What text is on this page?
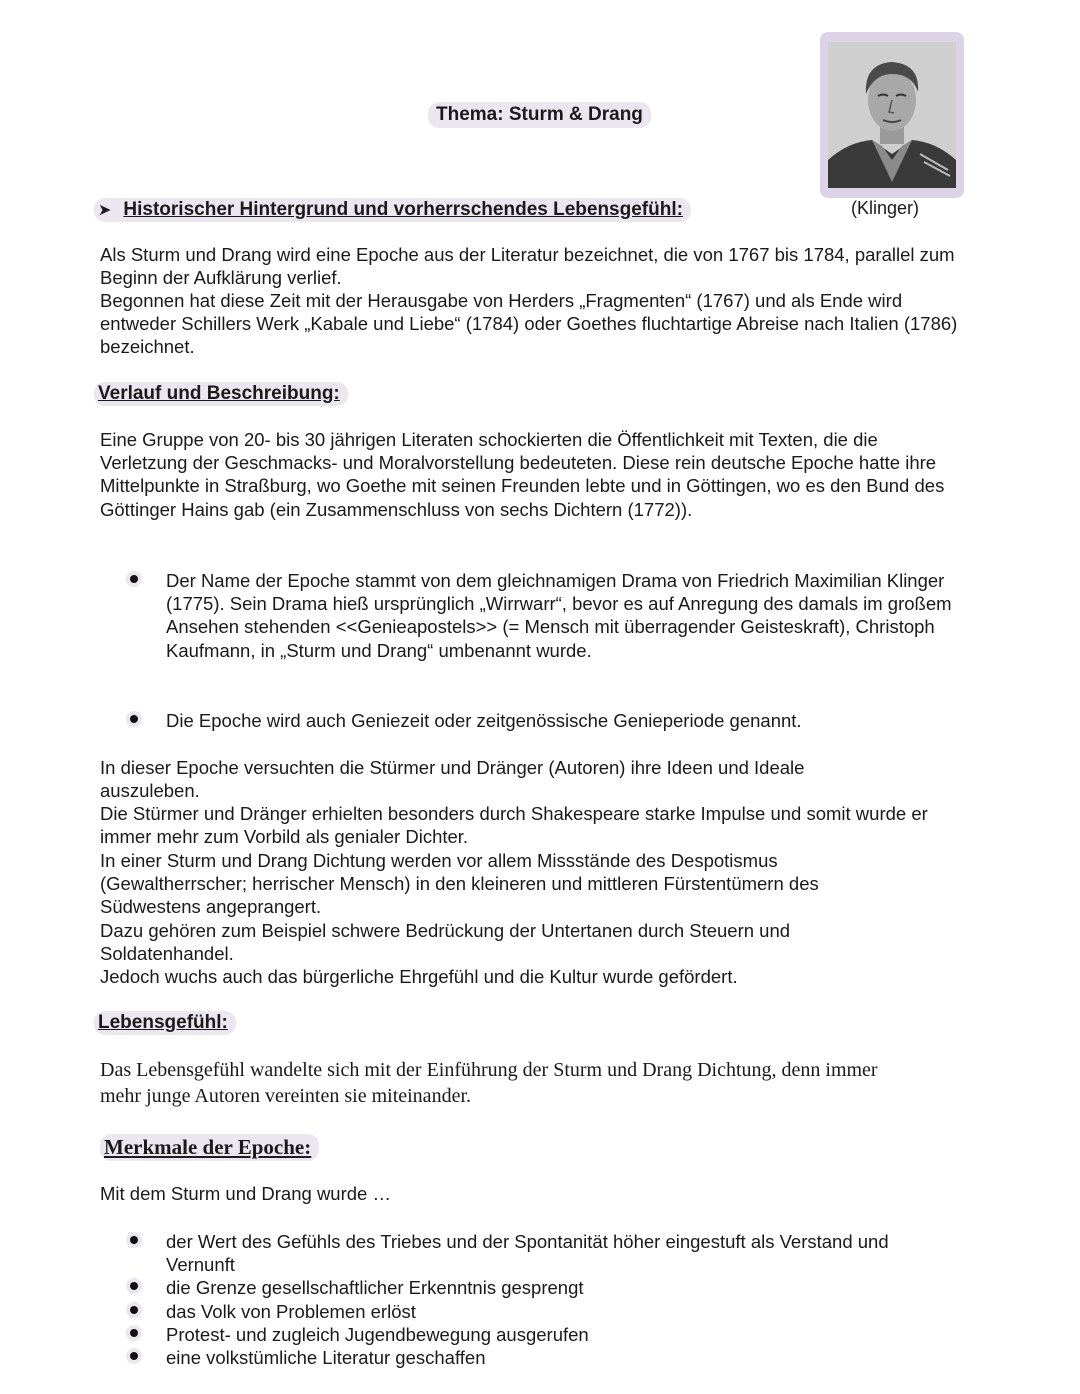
Thema: Sturm & Drang
(Klinger)
➤ Historischer Hintergrund und vorherrschendes Lebensgefühl:

Als Sturm und Drang wird eine Epoche aus der Literatur bezeichnet, die von 1767 bis 1784, parallel zum Beginn der Aufklärung verlief.

Begonnen hat diese Zeit mit der Herausgabe von Herders „Fragmenten“ (1767) und als Ende wird entweder Schillers Werk „Kabale und Liebe“ (1784) oder Goethes fluchtartige Abreise nach Italien (1786) bezeichnet.

Verlauf und Beschreibung:

Eine Gruppe von 20- bis 30 jährigen Literaten schockierten die Öffentlichkeit mit Texten, die die Verletzung der Geschmacks- und Moralvorstellung bedeuteten. Diese rein deutsche Epoche hatte ihre Mittelpunkte in Straßburg, wo Goethe mit seinen Freunden lebte und in Göttingen, wo es den Bund des Göttinger Hains gab (ein Zusammenschluss von sechs Dichtern (1772)).

Der Name der Epoche stammt von dem gleichnamigen Drama von Friedrich Maximilian Klinger (1775). Sein Drama hieß ursprünglich „Wirrwarr“, bevor es auf Anregung des damals im großem Ansehen stehenden <<Genieapostels>> (= Mensch mit überragender Geisteskraft), Christoph Kaufmann, in „Sturm und Drang“ umbenannt wurde.
Die Epoche wird auch Geniezeit oder zeitgenössische Genieperiode genannt.

In dieser Epoche versuchten die Stürmer und Dränger (Autoren) ihre Ideen und Ideale auszuleben.

Die Stürmer und Dränger erhielten besonders durch Shakespeare starke Impulse und somit wurde er immer mehr zum Vorbild als genialer Dichter.

In einer Sturm und Drang Dichtung werden vor allem Missstände des Despotismus (Gewaltherrscher; herrischer Mensch) in den kleineren und mittleren Fürstentümern des Südwestens angeprangert.

Dazu gehören zum Beispiel schwere Bedrückung der Untertanen durch Steuern und Soldatenhandel.

Jedoch wuchs auch das bürgerliche Ehrgefühl und die Kultur wurde gefördert.

Lebensgefühl:

Das Lebensgefühl wandelte sich mit der Einführung der Sturm und Drang Dichtung, denn immer mehr junge Autoren vereinten sie miteinander.

Merkmale der Epoche:

Mit dem Sturm und Drang wurde …

der Wert des Gefühls des Triebes und der Spontanität höher eingestuft als Verstand und Vernunft
die Grenze gesellschaftlicher Erkenntnis gesprengt
das Volk von Problemen erlöst
Protest- und zugleich Jugendbewegung ausgerufen
eine volkstümliche Literatur geschaffen
